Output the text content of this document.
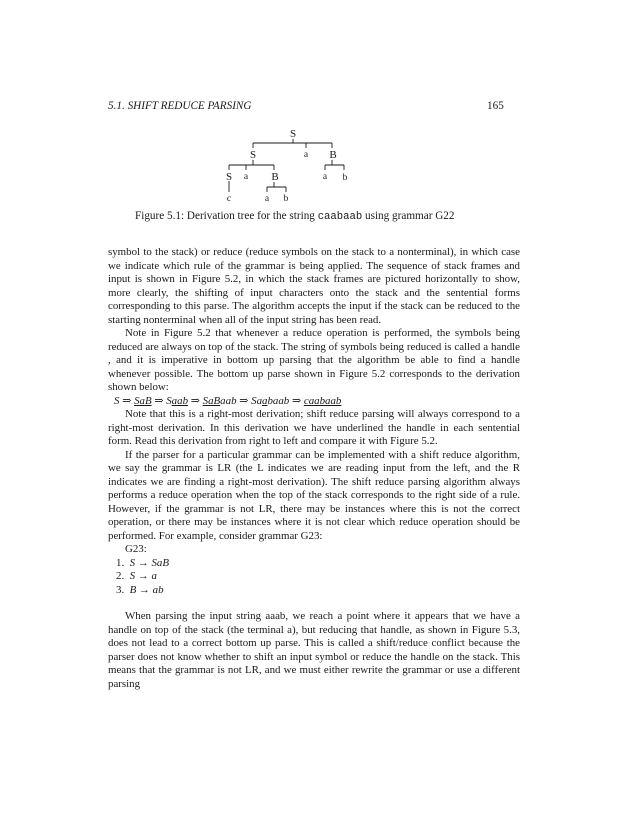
5.1. SHIFT REDUCE PARSING	165
S
S	a B
S a B	a b
c	a b
Figure 5.1: Derivation tree for the string caabaab using grammar G22

symbol to the stack) or reduce (reduce symbols on the stack to a nonterminal), in which case we indicate which rule of the grammar is being applied. The sequence of stack frames and input is shown in Figure 5.2, in which the stack frames are pictured horizontally to show, more clearly, the shifting of input characters onto the stack and the sentential forms corresponding to this parse. The algorithm accepts the input if the stack can be reduced to the starting nonterminal when all of the input string has been read.

Note in Figure 5.2 that whenever a reduce operation is performed, the symbols being reduced are always on top of the stack. The string of symbols being reduced is called a handle , and it is imperative in bottom up parsing that the algorithm be able to find a handle whenever possible. The bottom up parse shown in Figure 5.2 corresponds to the derivation shown below:

S ⇒ SaB ⇒ Saab ⇒ SaBaab ⇒ Saabaab ⇒ caabaab

Note that this is a right-most derivation; shift reduce parsing will always correspond to a right-most derivation. In this derivation we have underlined the handle in each sentential form. Read this derivation from right to left and compare it with Figure 5.2.

If the parser for a particular grammar can be implemented with a shift reduce algorithm, we say the grammar is LR (the L indicates we are reading input from the left, and the R indicates we are finding a right-most derivation). The shift reduce parsing algorithm always performs a reduce operation when the top of the stack corresponds to the right side of a rule. However, if the grammar is not LR, there may be instances where this is not the correct operation, or there may be instances where it is not clear which reduce operation should be performed. For example, consider grammar G23:

G23:
1. S → SaB
2. S → a
3. B → ab

When parsing the input string aaab, we reach a point where it appears that we have a handle on top of the stack (the terminal a), but reducing that handle, as shown in Figure 5.3, does not lead to a correct bottom up parse. This is called a shift/reduce conflict because the parser does not know whether to shift an input symbol or reduce the handle on the stack. This means that the grammar is not LR, and we must either rewrite the grammar or use a different parsing
